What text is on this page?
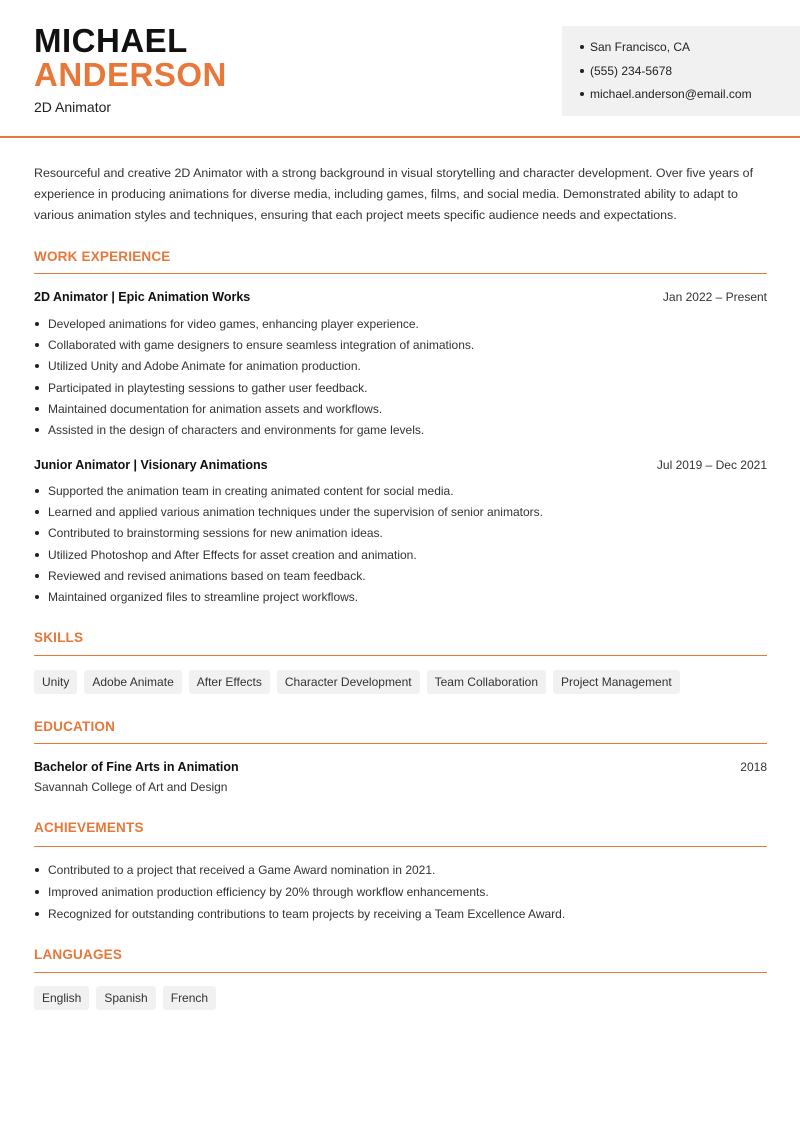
MICHAEL
ANDERSON
2D Animator
San Francisco, CA
(555) 234-5678
michael.anderson@email.com

Resourceful and creative 2D Animator with a strong background in visual storytelling and character development. Over five years of experience in producing animations for diverse media, including games, films, and social media. Demonstrated ability to adapt to various animation styles and techniques, ensuring that each project meets specific audience needs and expectations.

WORK EXPERIENCE
2D Animator | Epic Animation Works	Jan 2022 – Present
Developed animations for video games, enhancing player experience.
Collaborated with game designers to ensure seamless integration of animations.
Utilized Unity and Adobe Animate for animation production.
Participated in playtesting sessions to gather user feedback.
Maintained documentation for animation assets and workflows.
Assisted in the design of characters and environments for game levels.
Junior Animator | Visionary Animations	Jul 2019 – Dec 2021
Supported the animation team in creating animated content for social media.
Learned and applied various animation techniques under the supervision of senior animators.
Contributed to brainstorming sessions for new animation ideas.
Utilized Photoshop and After Effects for asset creation and animation.
Reviewed and revised animations based on team feedback.
Maintained organized files to streamline project workflows.
SKILLS
Unity	Adobe Animate	After Effects	Character Development	Team Collaboration	Project Management
EDUCATION
Bachelor of Fine Arts in Animation	2018
Savannah College of Art and Design
ACHIEVEMENTS
Contributed to a project that received a Game Award nomination in 2021.
Improved animation production efficiency by 20% through workflow enhancements.
Recognized for outstanding contributions to team projects by receiving a Team Excellence Award.
LANGUAGES
English	Spanish	French
